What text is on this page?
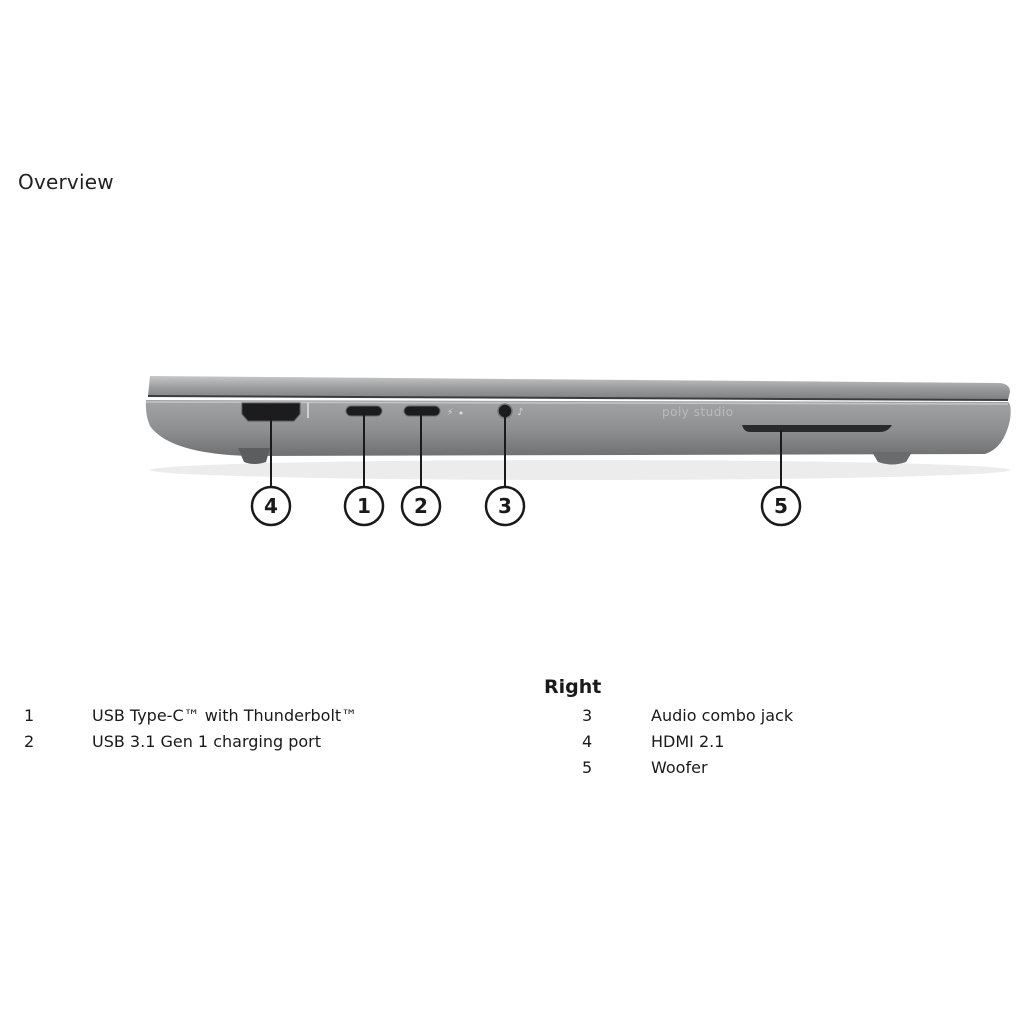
Overview
⚡	♪	poly studio
4	1 2	3	5
Right
1	USB Type-C™ with Thunderbolt™
2	USB 3.1 Gen 1 charging port
3	Audio combo jack
4	HDMI 2.1
5	Woofer
